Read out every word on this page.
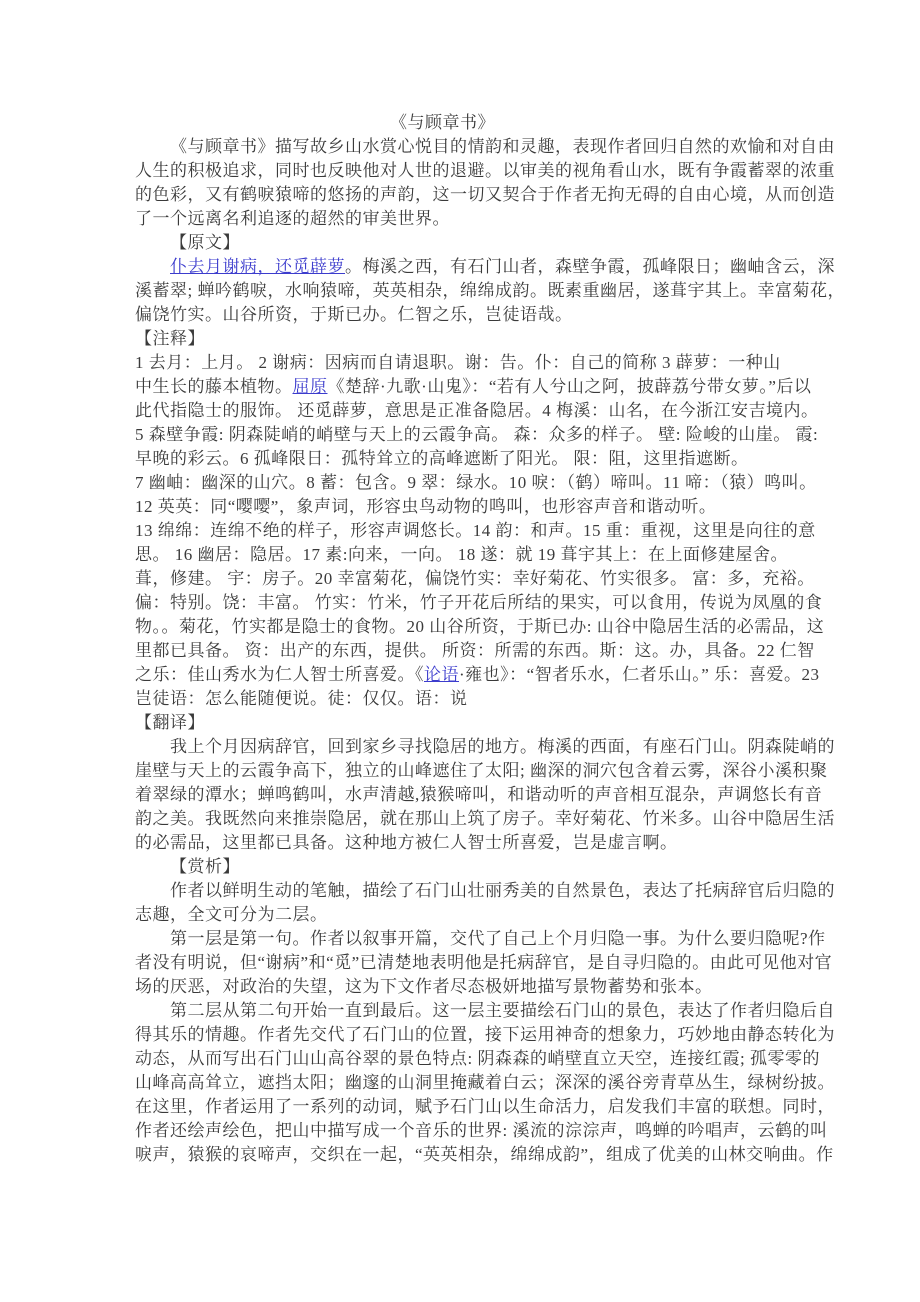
《与顾章书》
《与顾章书》描写故乡山水赏心悦目的情韵和灵趣，表现作者回归自然的欢愉和对自由
人生的积极追求，同时也反映他对人世的退避。以审美的视角看山水，既有争霞蓄翠的浓重
的色彩，又有鹤唳猿啼的悠扬的声韵，这一切又契合于作者无拘无碍的自由心境，从而创造
了一个远离名利追逐的超然的审美世界。
【原文】
仆去月谢病，还觅薜萝。梅溪之西，有石门山者，森壁争霞，孤峰限日；幽岫含云，深
溪蓄翠; 蝉吟鹤唳，水响猿啼，英英相杂，绵绵成韵。既素重幽居，遂葺宇其上。幸富菊花，
偏饶竹实。山谷所资，于斯已办。仁智之乐，岂徒语哉。
【注释】
1 去月：上月。 2 谢病：因病而自请退职。谢：告。仆：自己的简称 3 薜萝：一种山
中生长的藤本植物。屈原《楚辞·九歌·山鬼》：“若有人兮山之阿，披薜荔兮带女萝。”后以
此代指隐士的服饰。 还觅薜萝，意思是正准备隐居。4 梅溪：山名，在今浙江安吉境内。
5 森壁争霞: 阴森陡峭的峭壁与天上的云霞争高。 森：众多的样子。 壁: 险峻的山崖。 霞:
早晚的彩云。6 孤峰限日：孤特耸立的高峰遮断了阳光。 限：阻，这里指遮断。
7 幽岫：幽深的山穴。8 蓄：包含。9 翠：绿水。10 唳：（鹤）啼叫。11 啼：（猿）鸣叫。
12 英英：同“嘤嘤”，象声词，形容虫鸟动物的鸣叫，也形容声音和谐动听。
13 绵绵：连绵不绝的样子，形容声调悠长。14 韵：和声。15 重：重视，这里是向往的意
思。 16 幽居：隐居。17 素:向来，一向。 18 遂：就 19 葺宇其上：在上面修建屋舍。
葺，修建。 宇：房子。20 幸富菊花，偏饶竹实：幸好菊花、竹实很多。 富：多，充裕。
偏：特别。饶：丰富。 竹实：竹米，竹子开花后所结的果实，可以食用，传说为凤凰的食
物。。菊花，竹实都是隐士的食物。20 山谷所资，于斯已办: 山谷中隐居生活的必需品，这
里都已具备。 资：出产的东西，提供。 所资：所需的东西。斯：这。办，具备。22 仁智
之乐：佳山秀水为仁人智士所喜爱。《论语·雍也》：“智者乐水，仁者乐山。” 乐：喜爱。23
岂徒语：怎么能随便说。徒：仅仅。语：说
【翻译】
我上个月因病辞官，回到家乡寻找隐居的地方。梅溪的西面，有座石门山。阴森陡峭的
崖壁与天上的云霞争高下，独立的山峰遮住了太阳; 幽深的洞穴包含着云雾，深谷小溪积聚
着翠绿的潭水；蝉鸣鹤叫，水声清越,猿猴啼叫，和谐动听的声音相互混杂，声调悠长有音
韵之美。我既然向来推崇隐居，就在那山上筑了房子。幸好菊花、竹米多。山谷中隐居生活
的必需品，这里都已具备。这种地方被仁人智士所喜爱，岂是虚言啊。
【赏析】
作者以鲜明生动的笔触，描绘了石门山壮丽秀美的自然景色，表达了托病辞官后归隐的
志趣，全文可分为二层。
第一层是第一句。作者以叙事开篇，交代了自己上个月归隐一事。为什么要归隐呢?作
者没有明说，但“谢病”和“觅”已清楚地表明他是托病辞官，是自寻归隐的。由此可见他对官
场的厌恶，对政治的失望，这为下文作者尽态极妍地描写景物蓄势和张本。
第二层从第二句开始一直到最后。这一层主要描绘石门山的景色，表达了作者归隐后自
得其乐的情趣。作者先交代了石门山的位置，接下运用神奇的想象力，巧妙地由静态转化为
动态，从而写出石门山山高谷翠的景色特点: 阴森森的峭壁直立天空，连接红霞; 孤零零的
山峰高高耸立，遮挡太阳；幽邃的山洞里掩藏着白云；深深的溪谷旁青草丛生，绿树纷披。
在这里，作者运用了一系列的动词，赋予石门山以生命活力，启发我们丰富的联想。同时，
作者还绘声绘色，把山中描写成一个音乐的世界: 溪流的淙淙声，鸣蝉的吟唱声，云鹤的叫
唳声，猿猴的哀啼声，交织在一起，“英英相杂，绵绵成韵”，组成了优美的山林交响曲。作
